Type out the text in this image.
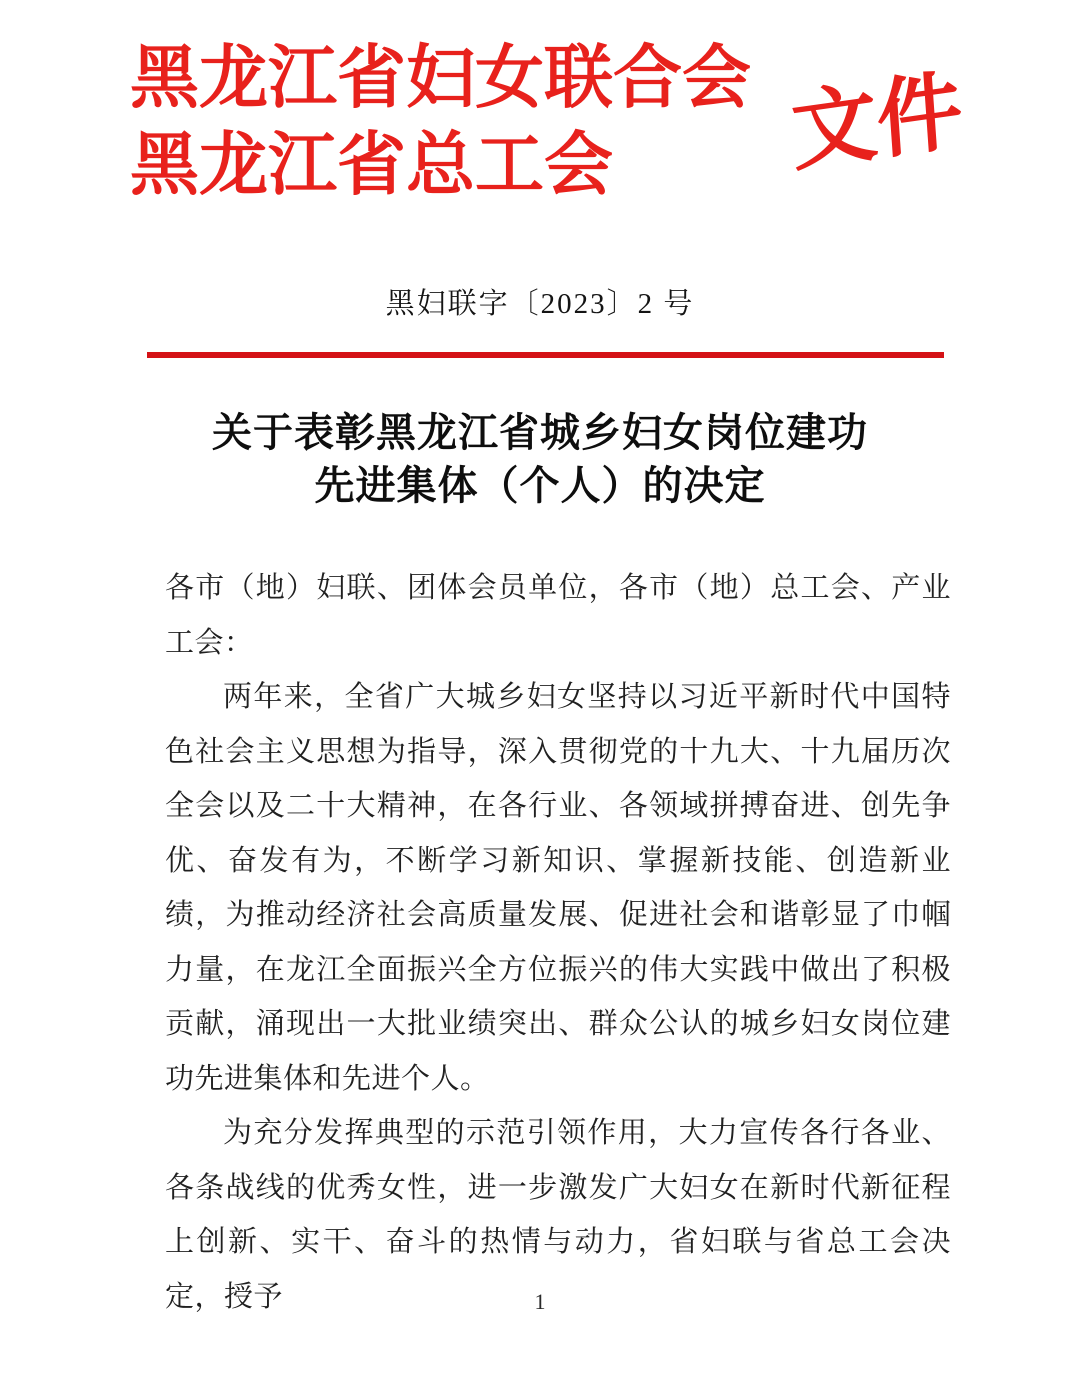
黑龙江省妇女联合会
黑龙江省总工会	文件
黑妇联字〔2023〕2 号
关于表彰黑龙江省城乡妇女岗位建功
先进集体（个人）的决定

各市（地）妇联、团体会员单位，各市（地）总工会、产业工会：

两年来，全省广大城乡妇女坚持以习近平新时代中国特色社会主义思想为指导，深入贯彻党的十九大、十九届历次全会以及二十大精神，在各行业、各领域拼搏奋进、创先争优、奋发有为，不断学习新知识、掌握新技能、创造新业绩，为推动经济社会高质量发展、促进社会和谐彰显了巾帼力量，在龙江全面振兴全方位振兴的伟大实践中做出了积极贡献，涌现出一大批业绩突出、群众公认的城乡妇女岗位建功先进集体和先进个人。

为充分发挥典型的示范引领作用，大力宣传各行各业、各条战线的优秀女性，进一步激发广大妇女在新时代新征程上创新、实干、奋斗的热情与动力，省妇联与省总工会决定，授予	1
